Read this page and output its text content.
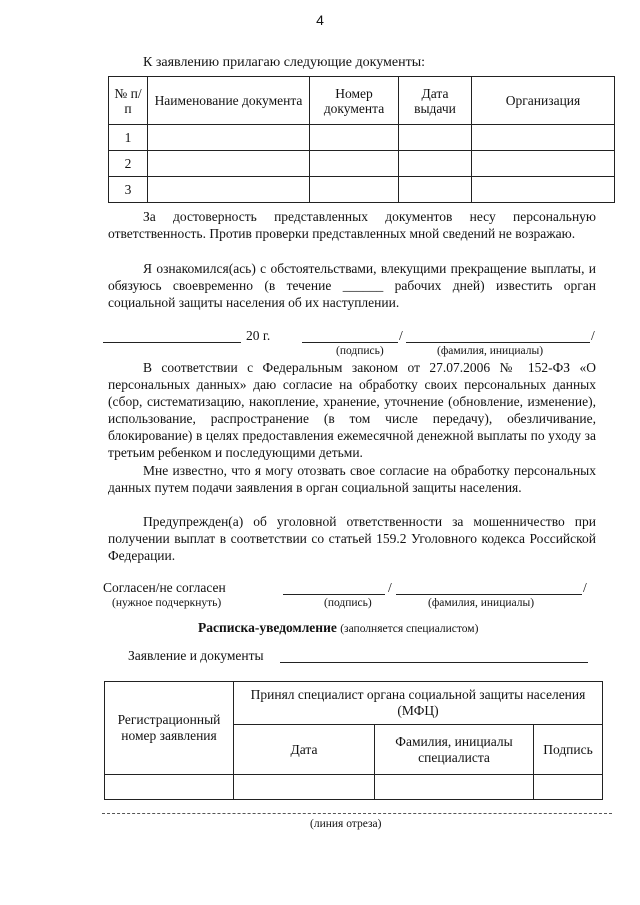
4
К заявлению прилагаю следующие документы:
№ п/п	Наименование документа	Номер документа	Дата выдачи	Организация
1				
2				
3				
За достоверность представленных документов несу персональную ответственность. Против проверки представленных мной сведений не возражаю.
Я ознакомился(ась) с обстоятельствами, влекущими прекращение выплаты, и обязуюсь своевременно (в течение ______ рабочих дней) известить орган социальной защиты населения об их наступлении.
20 г.	/	/
(подпись)	(фамилия, инициалы)
В соответствии с Федеральным законом от 27.07.2006 № 152-ФЗ «О персональных данных» даю согласие на обработку своих персональных данных (сбор, систематизацию, накопление, хранение, уточнение (обновление, изменение), использование, распространение (в том числе передачу), обезличивание, блокирование) в целях предоставления ежемесячной денежной выплаты по уходу за третьим ребенком и последующими детьми.
Мне известно, что я могу отозвать свое согласие на обработку персональных данных путем подачи заявления в орган социальной защиты населения.
Предупрежден(а) об уголовной ответственности за мошенничество при получении выплат в соответствии со статьей 159.2 Уголовного кодекса Российской Федерации.
Согласен/не согласен	/	/
(нужное подчеркнуть)	(подпись)	(фамилия, инициалы)
Расписка-уведомление (заполняется специалистом)
Заявление и документы
Регистрационный номер заявления	Принял специалист органа социальной защиты населения (МФЦ)		
	Дата	Фамилия, инициалы специалиста	Подпись

(линия отреза)
